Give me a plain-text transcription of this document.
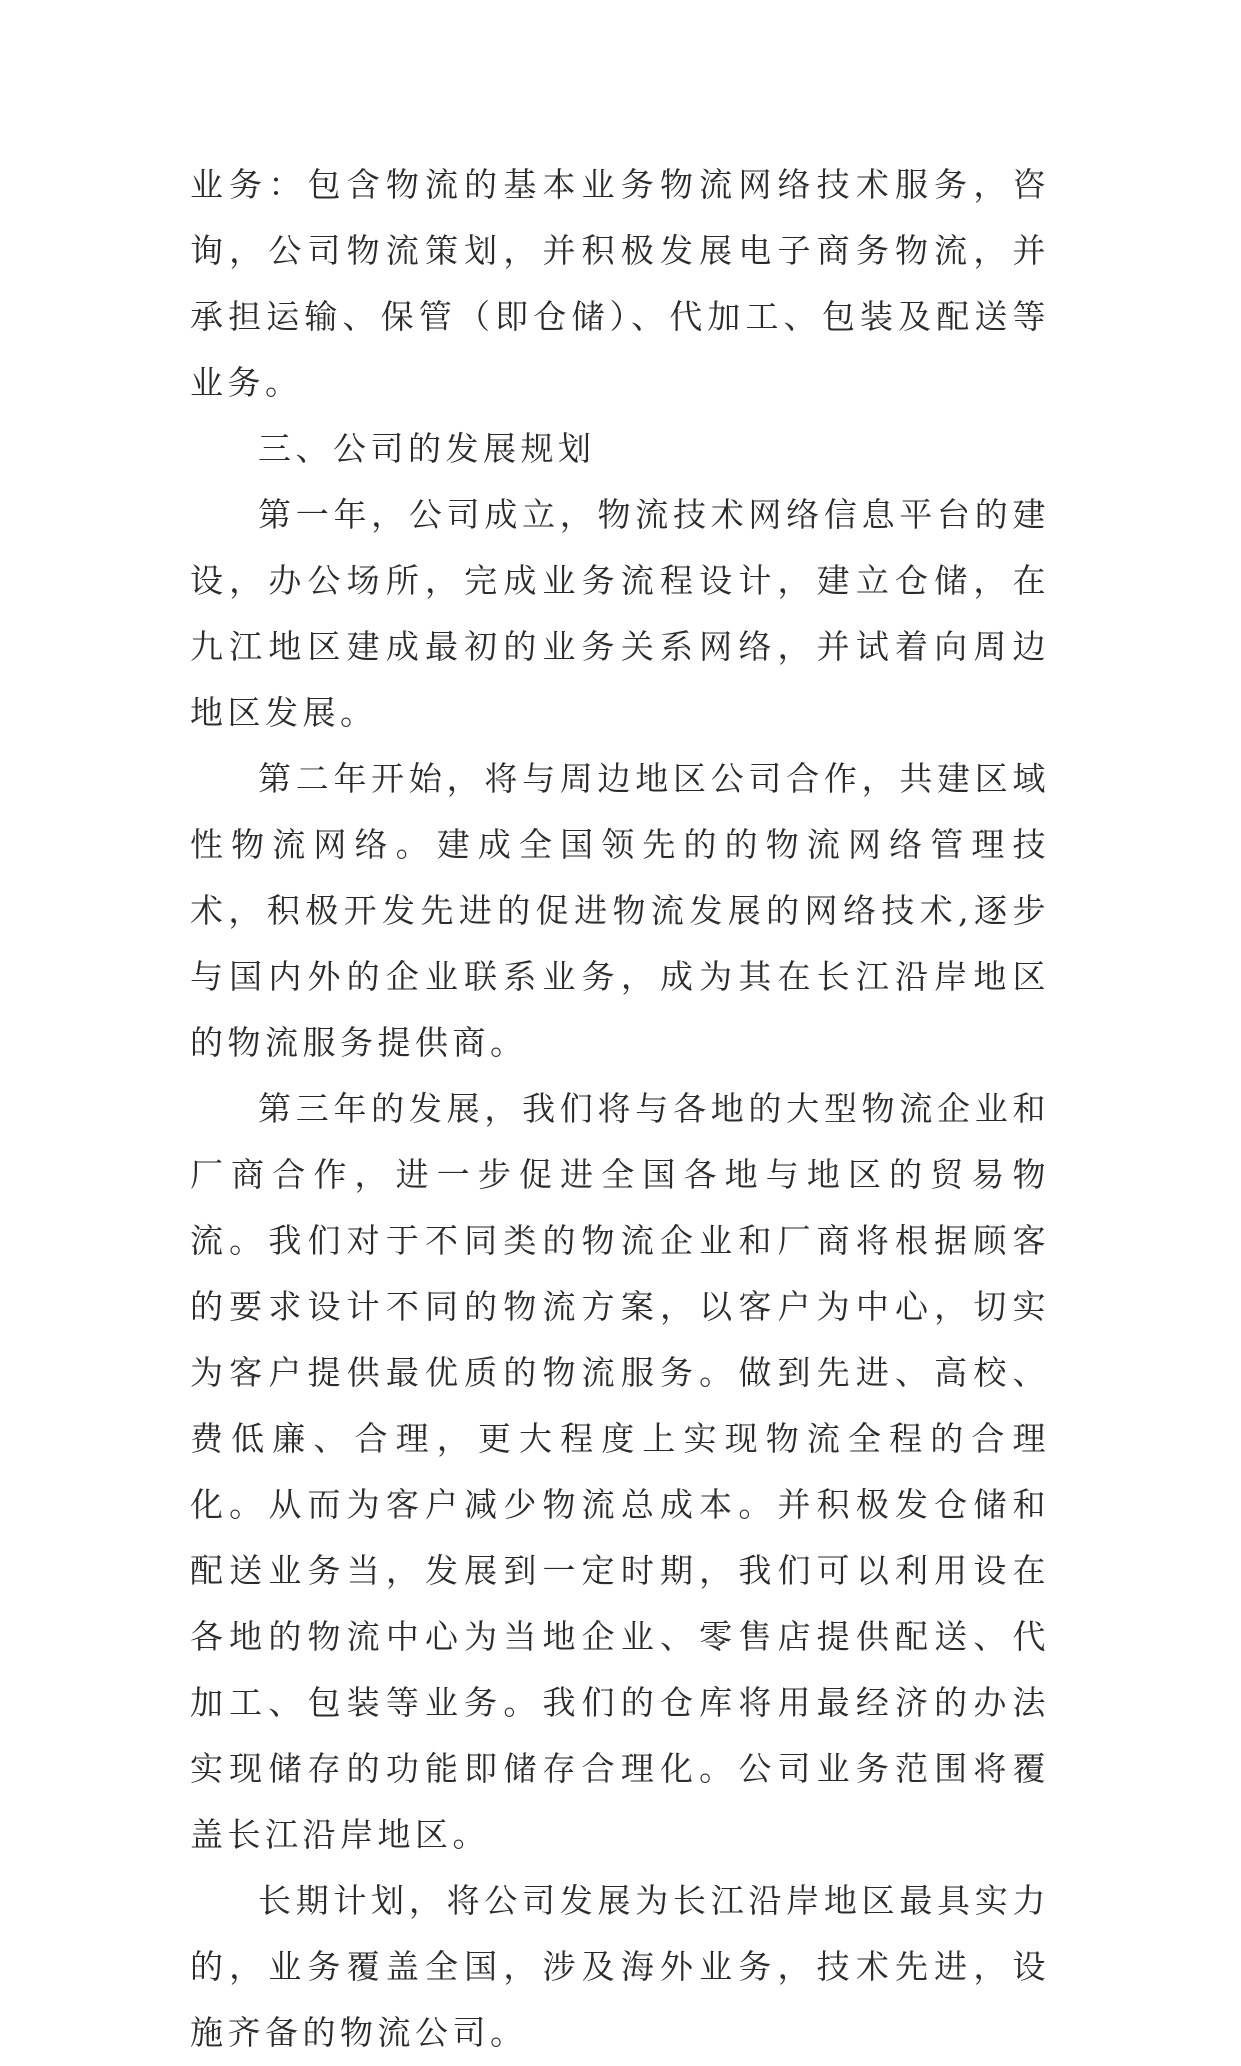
业务：包含物流的基本业务物流网络技术服务，咨询，公司物流策划，并积极发展电子商务物流，并承担运输、保管（即仓储）、代加工、包装及配送等业务。

三、公司的发展规划

第一年，公司成立，物流技术网络信息平台的建设，办公场所，完成业务流程设计，建立仓储，在九江地区建成最初的业务关系网络，并试着向周边地区发展。

第二年开始，将与周边地区公司合作，共建区域性物流网络。建成全国领先的的物流网络管理技术，积极开发先进的促进物流发展的网络技术,逐步与国内外的企业联系业务，成为其在长江沿岸地区的物流服务提供商。

第三年的发展，我们将与各地的大型物流企业和厂商合作，进一步促进全国各地与地区的贸易物流。我们对于不同类的物流企业和厂商将根据顾客的要求设计不同的物流方案，以客户为中心，切实为客户提供最优质的物流服务。做到先进、高校、费低廉、合理，更大程度上实现物流全程的合理化。从而为客户减少物流总成本。并积极发仓储和配送业务当，发展到一定时期，我们可以利用设在各地的物流中心为当地企业、零售店提供配送、代加工、包装等业务。我们的仓库将用最经济的办法实现储存的功能即储存合理化。公司业务范围将覆盖长江沿岸地区。

长期计划，将公司发展为长江沿岸地区最具实力的，业务覆盖全国，涉及海外业务，技术先进，设施齐备的物流公司。
